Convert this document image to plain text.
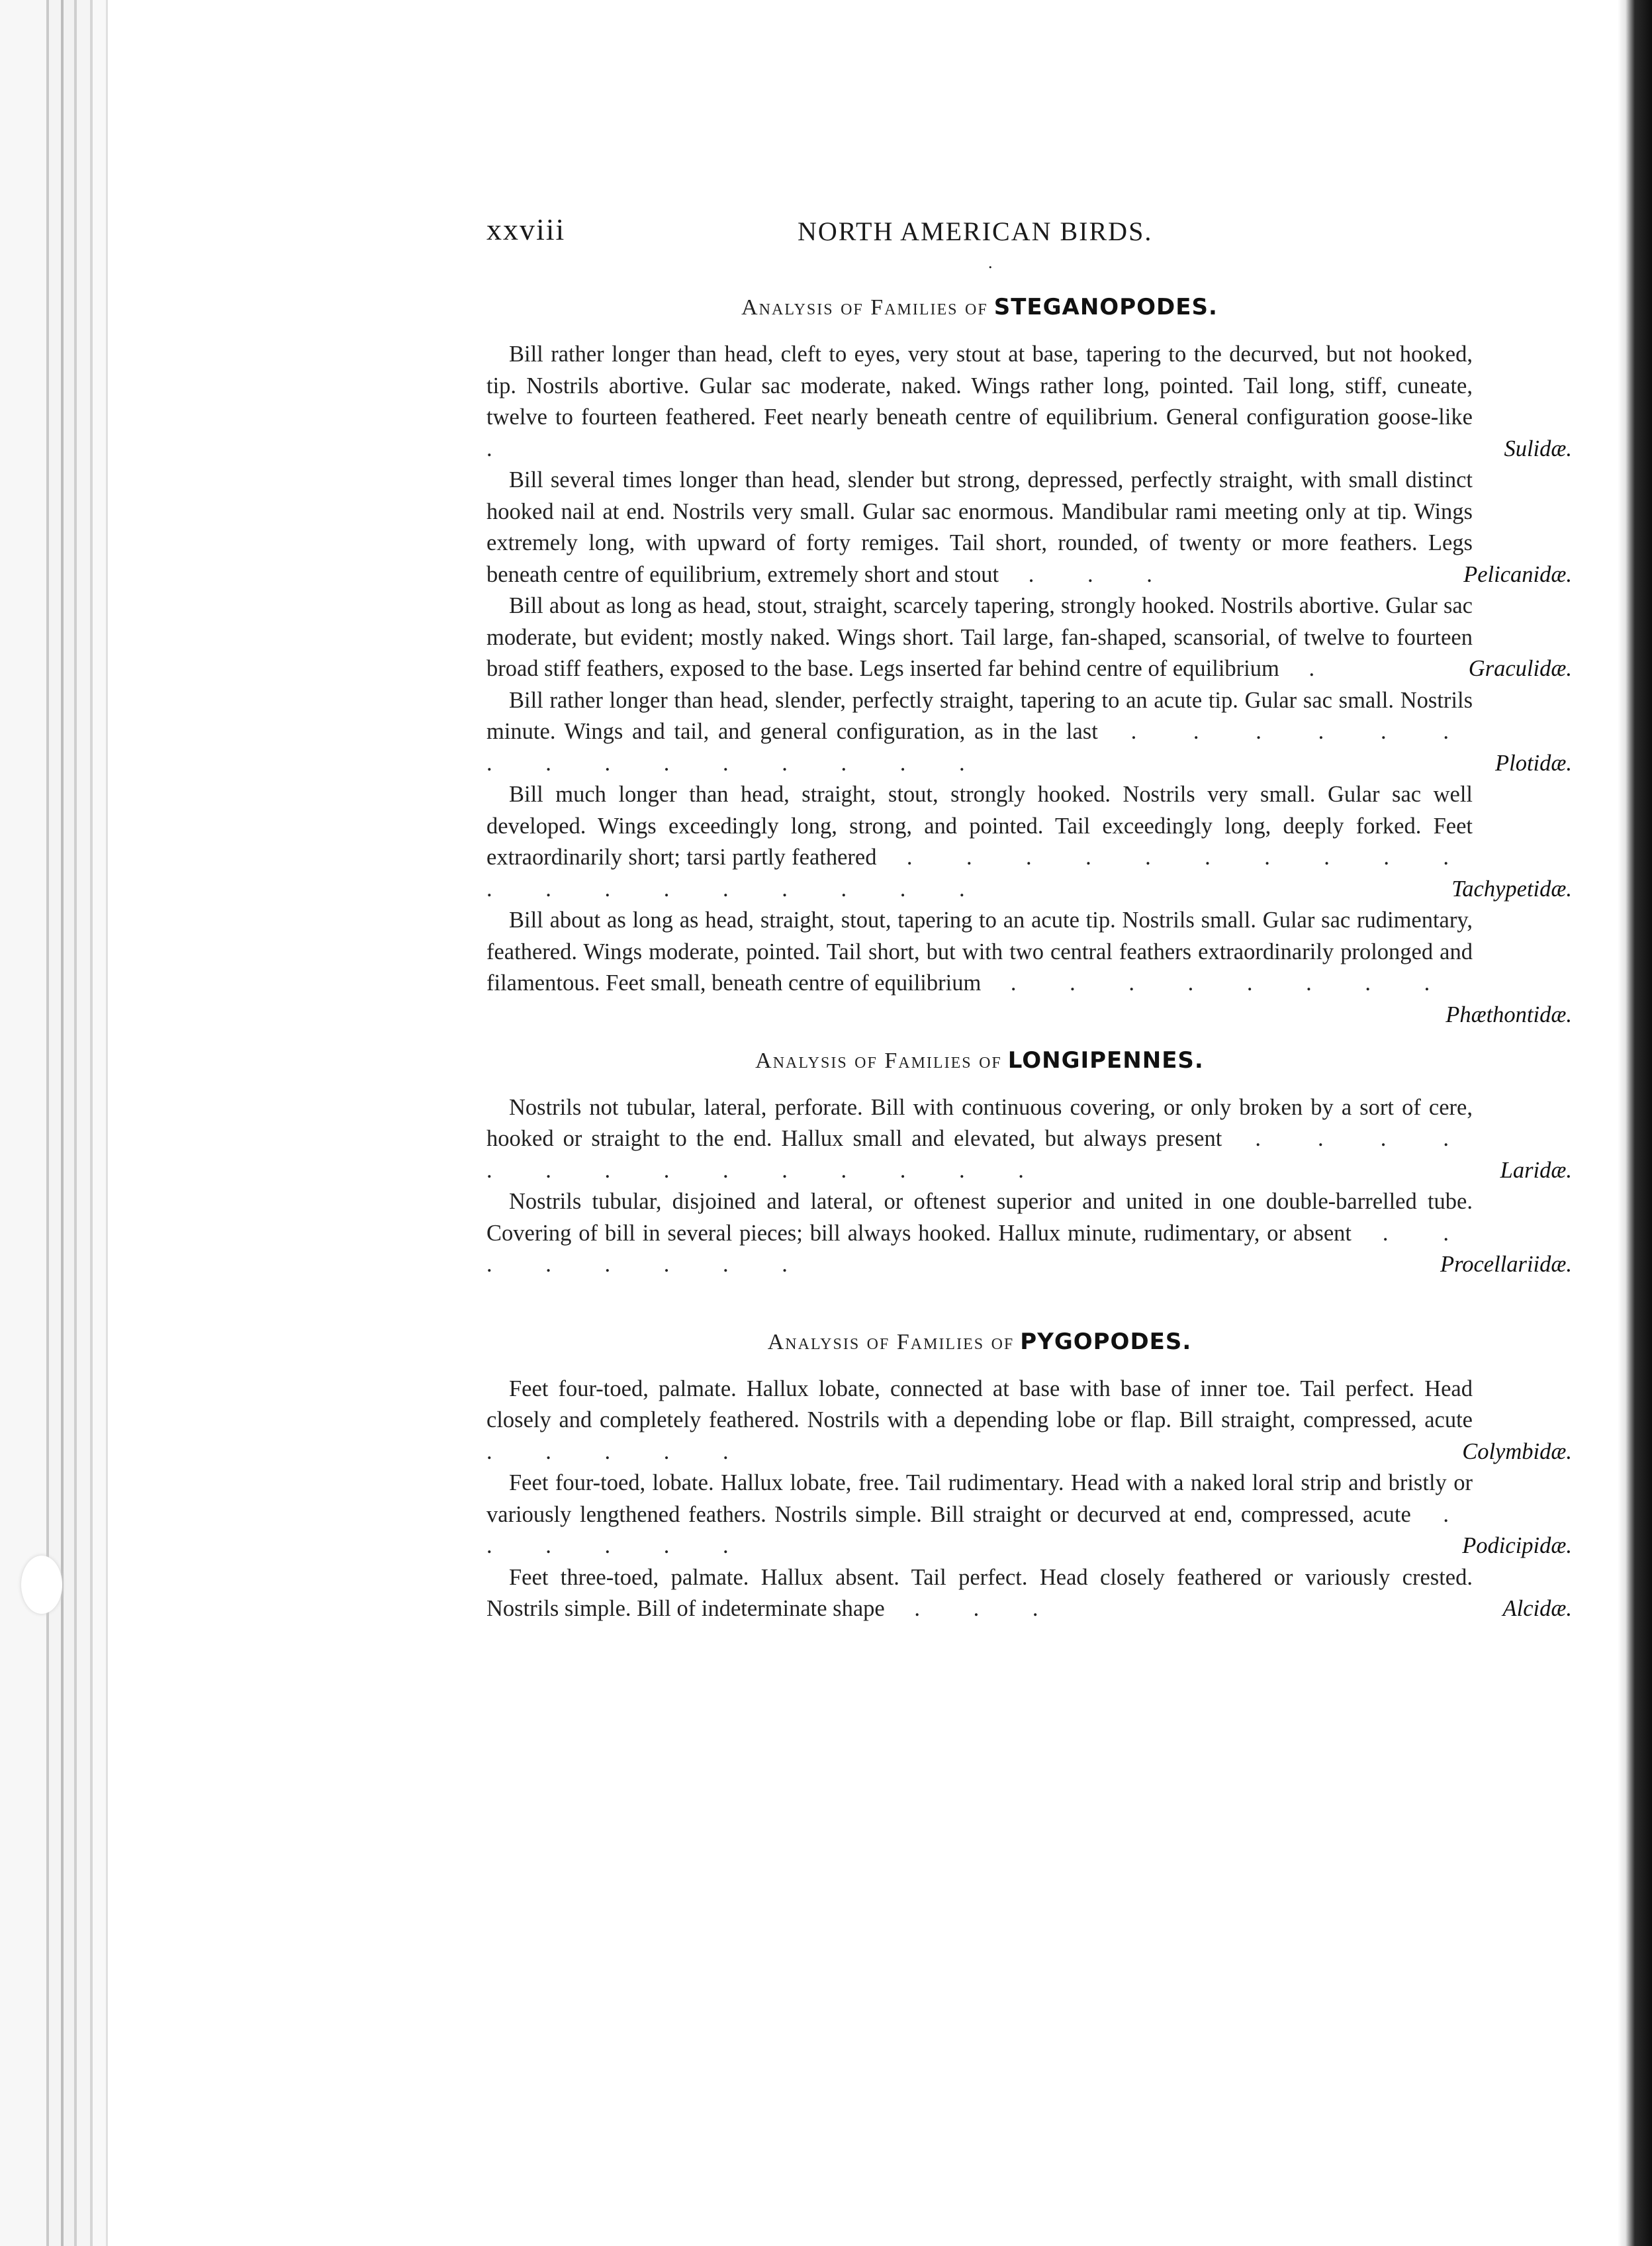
xxviii	NORTH AMERICAN BIRDS.
.
Analysis of Families of STEGANOPODES.

Bill rather longer than head, cleft to eyes, very stout at base, tapering to the decurved, but not hooked, tip. Nostrils abortive. Gular sac moderate, naked. Wings rather long, pointed. Tail long, stiff, cuneate, twelve to fourteen feathered. Feet nearly beneath centre of equilibrium. General configuration goose-like .	Sulidæ.

Bill several times longer than head, slender but strong, depressed, perfectly straight, with small distinct hooked nail at end. Nostrils very small. Gular sac enormous. Mandibular rami meeting only at tip. Wings extremely long, with upward of forty remiges. Tail short, rounded, of twenty or more feathers. Legs beneath centre of equilibrium, extremely short and stout . . .	Pelicanidæ.

Bill about as long as head, stout, straight, scarcely tapering, strongly hooked. Nostrils abortive. Gular sac moderate, but evident; mostly naked. Wings short. Tail large, fan-shaped, scansorial, of twelve to fourteen broad stiff feathers, exposed to the base. Legs inserted far behind centre of equilibrium .	Graculidæ.

Bill rather longer than head, slender, perfectly straight, tapering to an acute tip. Gular sac small. Nostrils minute. Wings and tail, and general configuration, as in the last . . . . . . . . . . . . . . .	Plotidæ.

Bill much longer than head, straight, stout, strongly hooked. Nostrils very small. Gular sac well developed. Wings exceedingly long, strong, and pointed. Tail exceedingly long, deeply forked. Feet extraordinarily short; tarsi partly feathered . . . . . . . . . . . . . . . . . . .	Tachypetidæ.

Bill about as long as head, straight, stout, tapering to an acute tip. Nostrils small. Gular sac rudimentary, feathered. Wings moderate, pointed. Tail short, but with two central feathers extraordinarily prolonged and filamentous. Feet small, beneath centre of equilibrium . . . . . . . .
Phæthontidæ.

Analysis of Families of LONGIPENNES.

Nostrils not tubular, lateral, perforate. Bill with continuous covering, or only broken by a sort of cere, hooked or straight to the end. Hallux small and elevated, but always present . . . . . . . . . . . . . .	Laridæ.

Nostrils tubular, disjoined and lateral, or oftenest superior and united in one double-barrelled tube. Covering of bill in several pieces; bill always hooked. Hallux minute, rudimentary, or absent . . . . . . . .	Procellariidæ.

Analysis of Families of PYGOPODES.

Feet four-toed, palmate. Hallux lobate, connected at base with base of inner toe. Tail perfect. Head closely and completely feathered. Nostrils with a depending lobe or flap. Bill straight, compressed, acute . . . . .	Colymbidæ.

Feet four-toed, lobate. Hallux lobate, free. Tail rudimentary. Head with a naked loral strip and bristly or variously lengthened feathers. Nostrils simple. Bill straight or decurved at end, compressed, acute . . . . . .	Podicipidæ.

Feet three-toed, palmate. Hallux absent. Tail perfect. Head closely feathered or variously crested. Nostrils simple. Bill of indeterminate shape . . .	Alcidæ.
